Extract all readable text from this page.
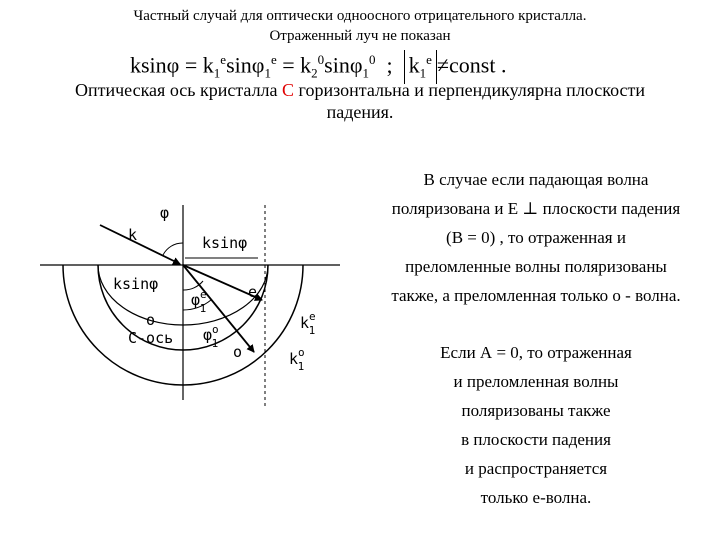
Частный случай для оптически одноосного отрицательного кристалла.
Отраженный луч не показан
$ksin\varphi = k_1^e\sin\varphi_1^e = k_2^0\sin\varphi_1^0$  ;  $k_1^e$ ≠const .
Оптическая ось кристалла С горизонтальна и перпендикулярна плоскости
падения.
В случае если падающая волна
поляризована и Е ⊥ плоскости падения
(В = 0) , то отраженная и
преломленные волны поляризованы
также, а преломленная только о - волна.
Если А = 0, то отраженная
и преломленная волны
поляризованы также
в плоскости падения
и распространяется
только е-волна.
k
φ
ksinφ
ksinφ	e
o
$\varphi^e$ 1
$\varphi^o$ 1
$k^e$ 1
$k^o$ 1
o
C-ось
